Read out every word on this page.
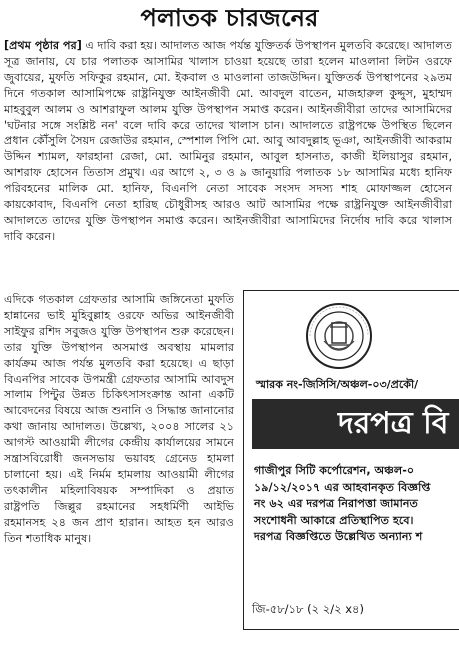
পলাতক চারজনের

[প্রথম পৃষ্ঠার পর] এ দাবি করা হয়। আদালত আজ পর্যন্ত যুক্তিতর্ক উপস্থাপন মুলতবি করেছে। আদালত সূত্র জানায়, যে চার পলাতক আসামির খালাস চাওয়া হয়েছে তারা হলেন মাওলানা লিটন ওরফে জুবায়ের, মুফতি সফিকুর রহমান, মো. ইকবাল ও মাওলানা তাজউদ্দিন। যুক্তিতর্ক উপস্থাপনের ২৯তম দিনে গতকাল আসামিপক্ষে রাষ্ট্রনিযুক্ত আইনজীবী মো. আবদুল বাতেন, মাজহারুল কুদ্দুস, মুহাম্মদ মাহবুবুল আলম ও আশরাফুল আলম যুক্তি উপস্থাপন সমাপ্ত করেন। আইনজীবীরা তাদের আসামিদের 'ঘটনার সঙ্গে সংশ্লিষ্ট নন' বলে দাবি করে তাদের খালাস চান। আদালতে রাষ্ট্রপক্ষে উপস্থিত ছিলেন প্রধান কৌঁসুলি সৈয়দ রেজাউর রহমান, স্পেশাল পিপি মো. আবু আবদুল্লাহ ভূঞা, আইনজীবী আকরাম উদ্দিন শ্যামল, ফারহানা রেজা, মো. আমিনুর রহমান, আবুল হাসনাত, কাজী ইলিয়াসুর রহমান, আশরাফ হোসেন তিতাস প্রমুখ। এর আগে ২, ৩ ও ৯ জানুয়ারি পলাতক ১৮ আসামির মধ্যে হানিফ পরিবহনের মালিক মো. হানিফ, বিএনপি নেতা সাবেক সংসদ সদস্য শাহ মোফাজ্জল হোসেন কায়কোবাদ, বিএনপি নেতা হারিছ চৌধুরীসহ আরও আট আসামির পক্ষে রাষ্ট্রনিযুক্ত আইনজীবীরা আদালতে তাদের যুক্তি উপস্থাপন সমাপ্ত করেন। আইনজীবীরা আসামিদের নির্দোষ দাবি করে খালাস দাবি করেন।

এদিকে গতকাল গ্রেফতার আসামি জঙ্গিনেতা মুফতি হান্নানের ভাই মুহিবুল্লাহ ওরফে অভির আইনজীবী সাইফুর রশিদ সবুজও যুক্তি উপস্থাপন শুরু করেছেন। তার যুক্তি উপস্থাপন অসমাপ্ত অবস্থায় মামলার কার্যক্রম আজ পর্যন্ত মুলতবি করা হয়েছে। এ ছাড়া বিএনপির সাবেক উপমন্ত্রী গ্রেফতার আসামি আবদুস সালাম পিন্টুর উন্নত চিকিৎসাসংক্রান্ত আনা একটি আবেদনের বিষয়ে আজ শুনানি ও সিদ্ধান্ত জানানোর কথা জানায় আদালত। উল্লেখ্য, ২০০৪ সালের ২১ আগস্ট আওয়ামী লীগের কেন্দ্রীয় কার্যালয়ের সামনে সন্ত্রাসবিরোধী জনসভায় ভয়াবহ গ্রেনেড হামলা চালানো হয়। এই নির্মম হামলায় আওয়ামী লীগের তৎকালীন মহিলাবিষয়ক সম্পাদিকা ও প্রয়াত রাষ্ট্রপতি জিল্লুর রহমানের সহধর্মিণী আইভি রহমানসহ ২৪ জন প্রাণ হারান। আহত হন আরও তিন শতাধিক মানুষ।

স্মারক নং-জিসিসি/অঞ্চল-০৩/প্রকৌ/
দরপত্র বি
গাজীপুর সিটি কর্পোরেশন, অঞ্চল-০
১৯/১২/২০১৭ এর আহবানকৃত বিজ্ঞপ্তি
নং ৬২ এর দরপত্র নিরাপত্তা জামানত
সংশোধনী আকারে প্রতিস্থাপিত হবে।
দরপত্র বিজ্ঞপ্তিতে উল্লেখিত অন্যান্য শ
জি-৫৮/১৮ (২ ২/২ x৪)
